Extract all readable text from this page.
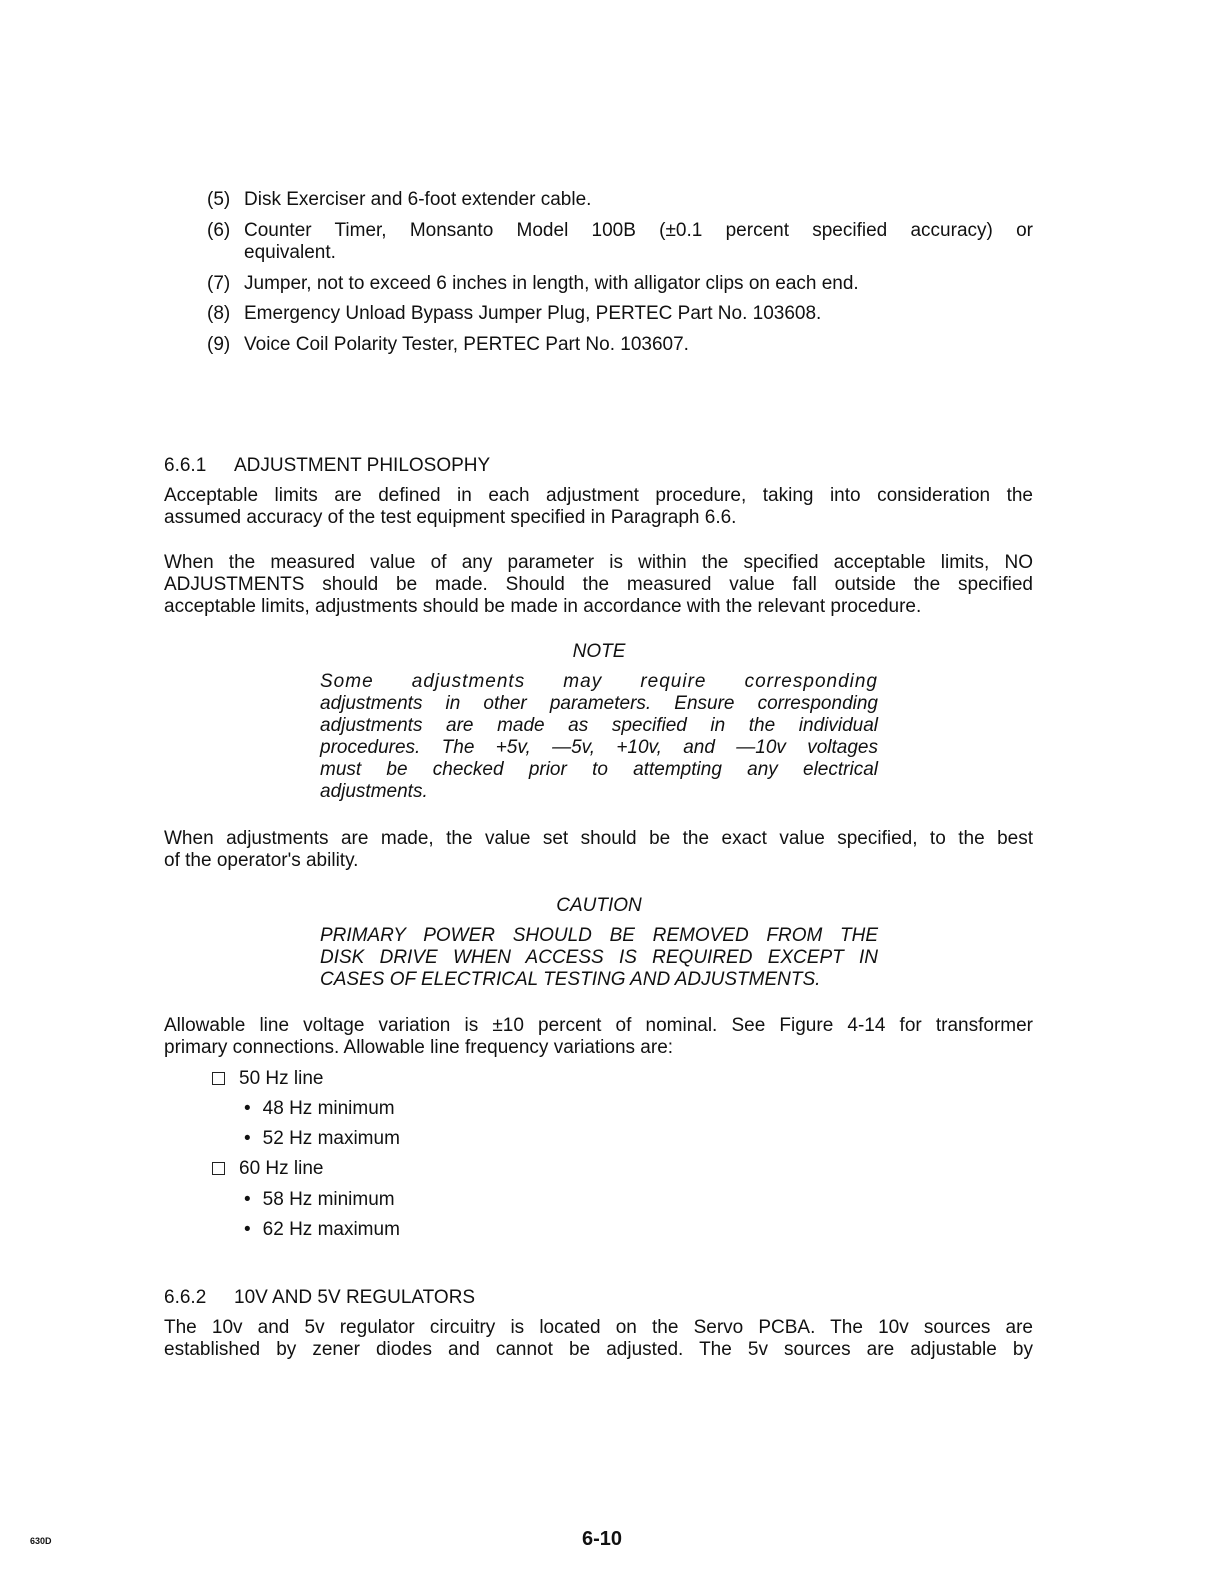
(5) Disk Exerciser and 6-foot extender cable.
(6) Counter Timer, Monsanto Model 100B (±0.1 percent specified accuracy) or
equivalent.
(7) Jumper, not to exceed 6 inches in length, with alligator clips on each end.
(8) Emergency Unload Bypass Jumper Plug, PERTEC Part No. 103608.
(9) Voice Coil Polarity Tester, PERTEC Part No. 103607.
6.6.1 ADJUSTMENT PHILOSOPHY
Acceptable limits are defined in each adjustment procedure, taking into consideration the
assumed accuracy of the test equipment specified in Paragraph 6.6.
When the measured value of any parameter is within the specified acceptable limits, NO
ADJUSTMENTS should be made. Should the measured value fall outside the specified
acceptable limits, adjustments should be made in accordance with the relevant procedure.
NOTE
Some adjustments may require corresponding
adjustments in other parameters. Ensure corresponding
adjustments are made as specified in the individual
procedures. The +5v, —5v, +10v, and —10v voltages
must be checked prior to attempting any electrical
adjustments.
When adjustments are made, the value set should be the exact value specified, to the best
of the operator's ability.
CAUTION
PRIMARY POWER SHOULD BE REMOVED FROM THE
DISK DRIVE WHEN ACCESS IS REQUIRED EXCEPT IN
CASES OF ELECTRICAL TESTING AND ADJUSTMENTS.
Allowable line voltage variation is ±10 percent of nominal. See Figure 4-14 for transformer
primary connections. Allowable line frequency variations are:
50 Hz line
• 48 Hz minimum
• 52 Hz maximum
60 Hz line
• 58 Hz minimum
• 62 Hz maximum
6.6.2 10V AND 5V REGULATORS
The 10v and 5v regulator circuitry is located on the Servo PCBA. The 10v sources are
established by zener diodes and cannot be adjusted. The 5v sources are adjustable by
630D	6-10
